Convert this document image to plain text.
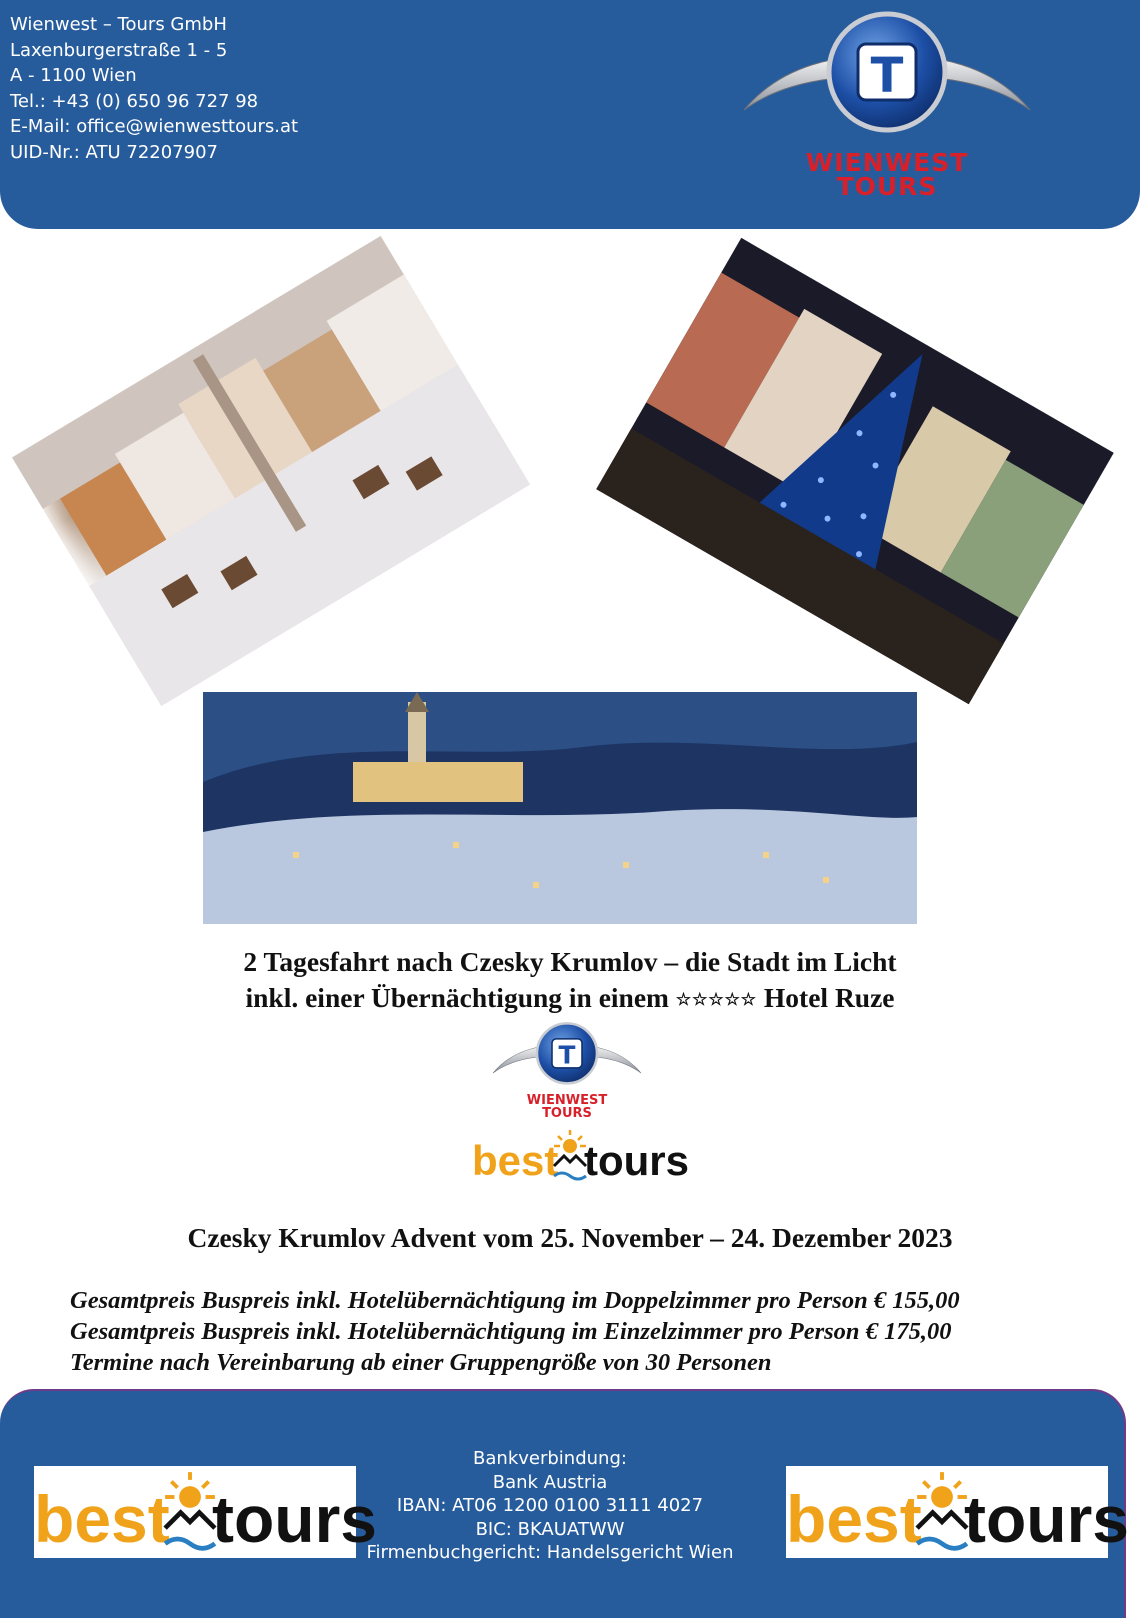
Wienwest – Tours GmbH
Laxenburgerstraße 1 - 5
A - 1100 Wien
Tel.: +43 (0) 650 96 727 98
E-Mail: office@wienwesttours.at
UID-Nr.: ATU 72207907
T
WIENWEST
TOURS
2 Tagesfahrt nach Czesky Krumlov – die Stadt im Licht
inkl. einer Übernächtigung in einem ☆☆☆☆☆ Hotel Ruze
T
WIENWEST
TOURS
best tours
Czesky Krumlov Advent vom 25. November – 24. Dezember 2023
Gesamtpreis Buspreis inkl. Hotelübernächtigung im Doppelzimmer pro Person € 155,00
Gesamtpreis Buspreis inkl. Hotelübernächtigung im Einzelzimmer pro Person € 175,00
Termine nach Vereinbarung ab einer Gruppengröße von 30 Personen
best tours
Bankverbindung:
Bank Austria
IBAN: AT06 1200 0100 3111 4027
BIC: BKAUATWW
Firmenbuchgericht: Handelsgericht Wien best tours
